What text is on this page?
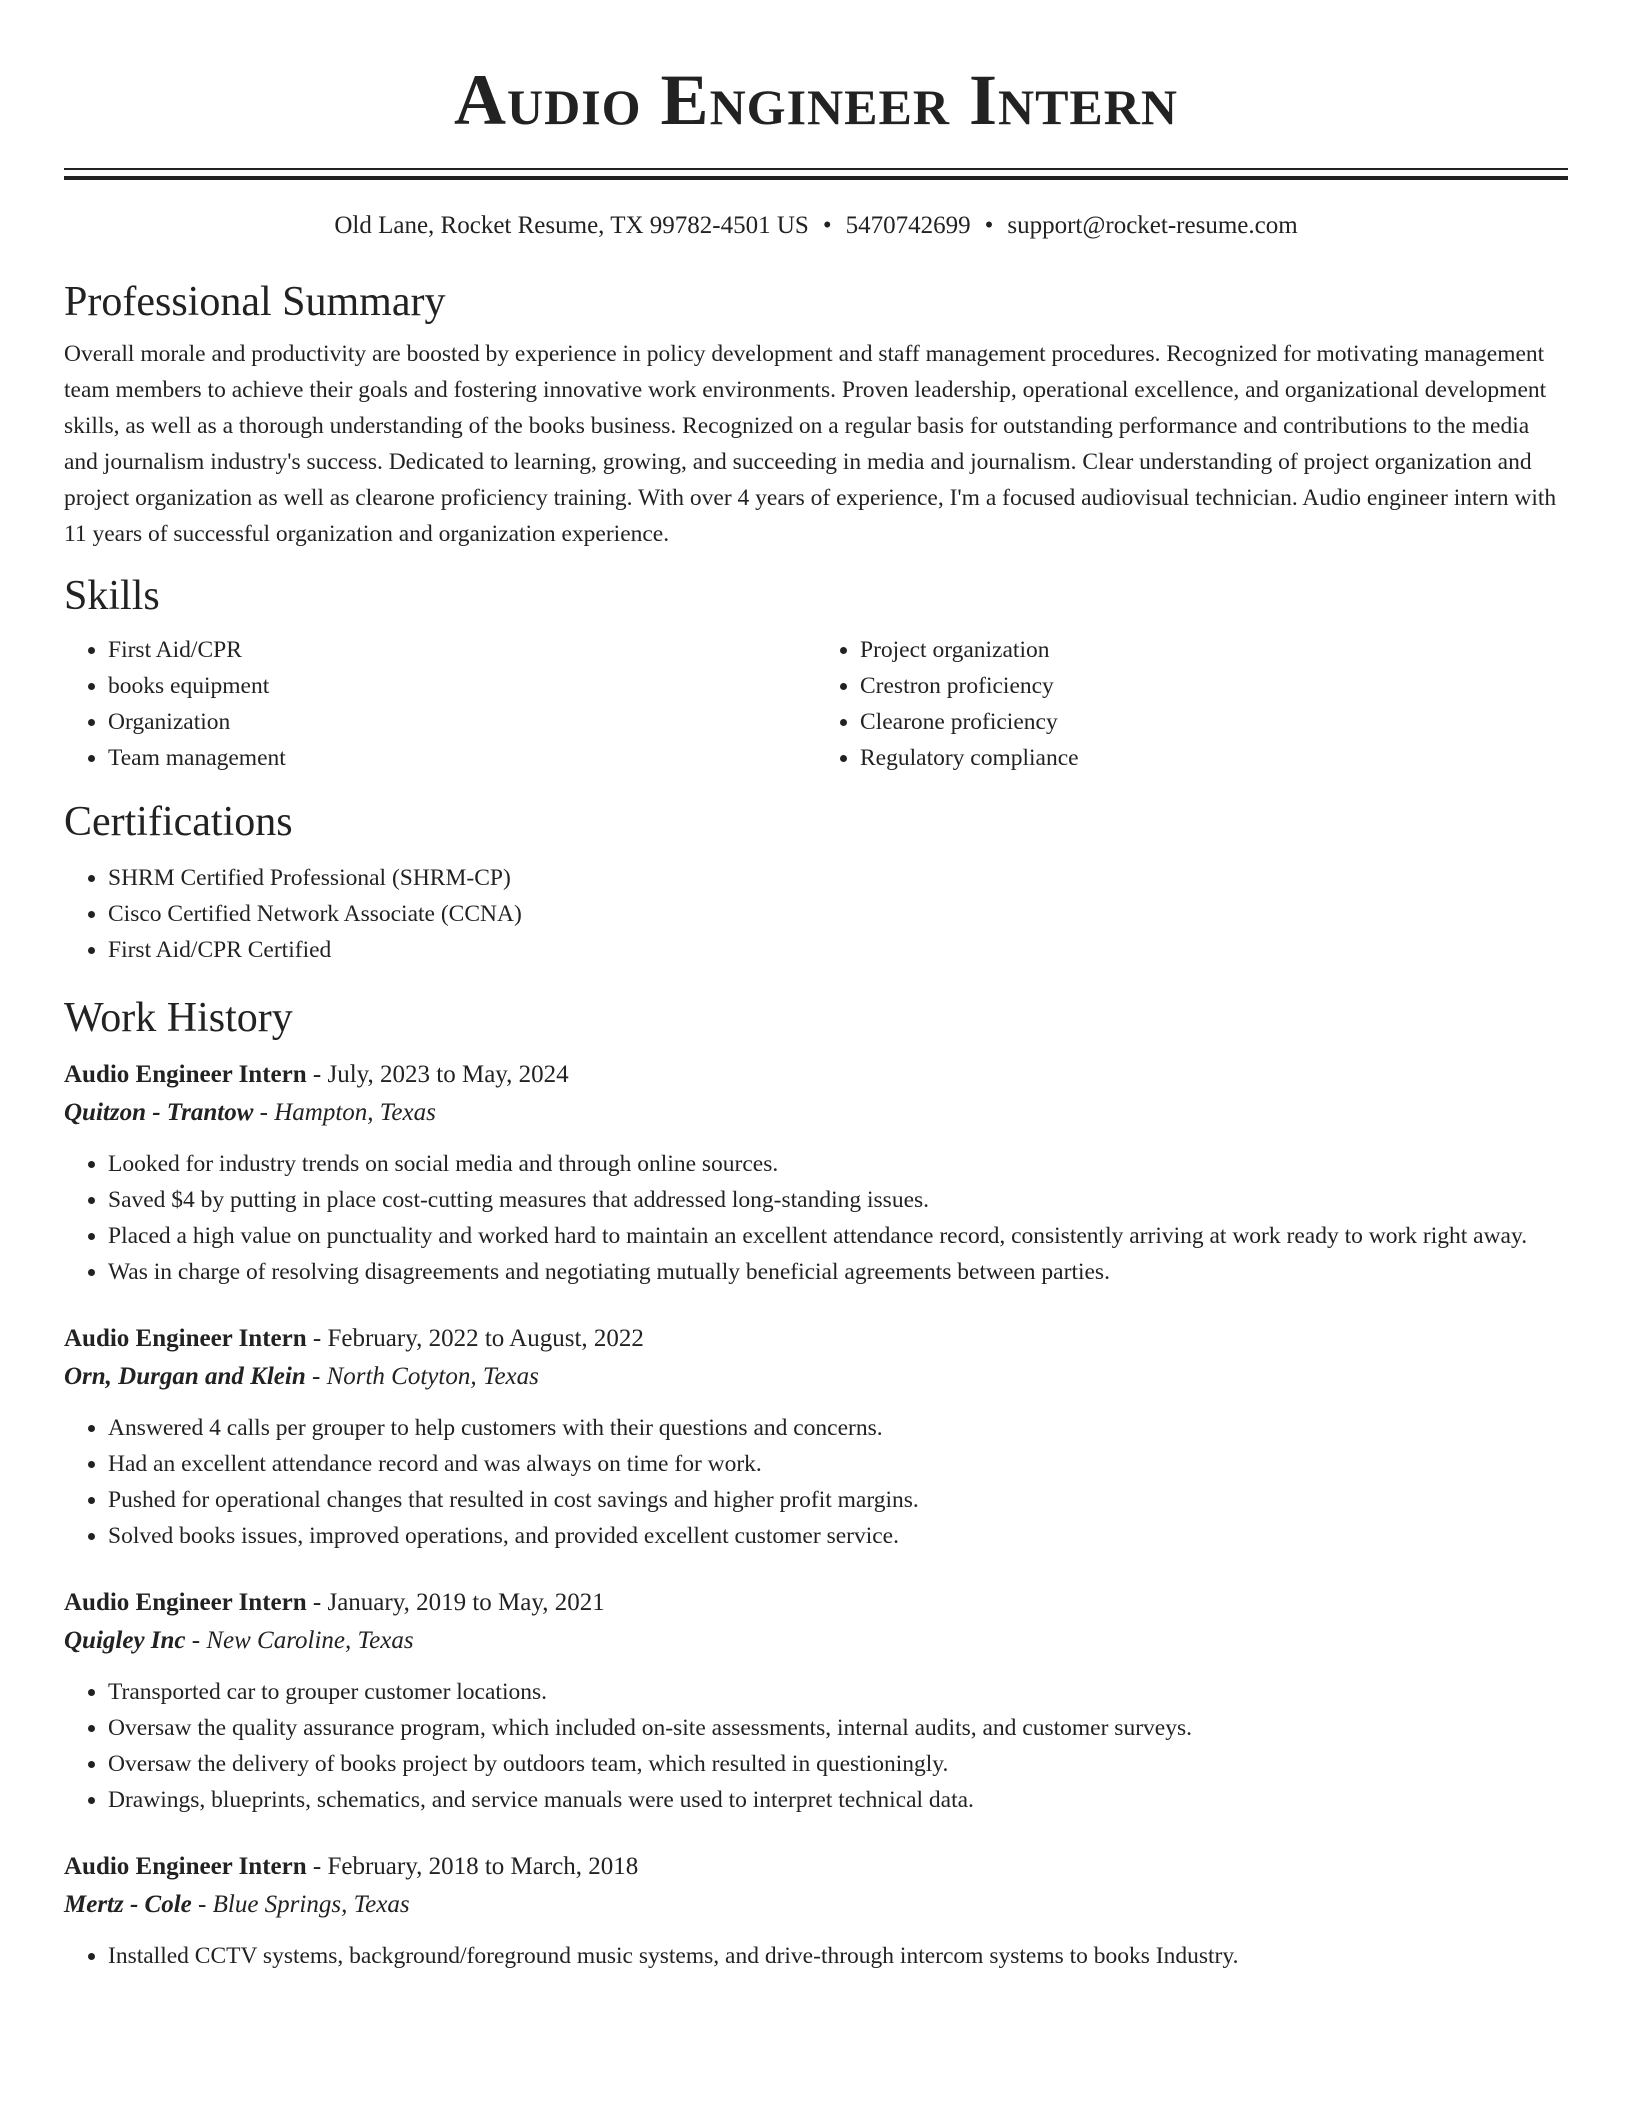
Audio Engineer Intern
Old Lane, Rocket Resume, TX 99782-4501 US • 5470742699 • support@rocket-resume.com
Professional Summary

Overall morale and productivity are boosted by experience in policy development and staff management procedures. Recognized for motivating management team members to achieve their goals and fostering innovative work environments. Proven leadership, operational excellence, and organizational development skills, as well as a thorough understanding of the books business. Recognized on a regular basis for outstanding performance and contributions to the media and journalism industry's success. Dedicated to learning, growing, and succeeding in media and journalism. Clear understanding of project organization and project organization as well as clearone proficiency training. With over 4 years of experience, I'm a focused audiovisual technician. Audio engineer intern with 11 years of successful organization and organization experience.

Skills
• First Aid/CPR
• books equipment
• Organization
• Team management
• Project organization
• Crestron proficiency
• Clearone proficiency
• Regulatory compliance
Certifications
• SHRM Certified Professional (SHRM-CP)
• Cisco Certified Network Associate (CCNA)
• First Aid/CPR Certified
Work History
Audio Engineer Intern - July, 2023 to May, 2024
Quitzon - Trantow - Hampton, Texas
• Looked for industry trends on social media and through online sources.
• Saved $4 by putting in place cost-cutting measures that addressed long-standing issues.
• Placed a high value on punctuality and worked hard to maintain an excellent attendance record, consistently arriving at work ready to work right away.
• Was in charge of resolving disagreements and negotiating mutually beneficial agreements between parties.
Audio Engineer Intern - February, 2022 to August, 2022
Orn, Durgan and Klein - North Cotyton, Texas
• Answered 4 calls per grouper to help customers with their questions and concerns.
• Had an excellent attendance record and was always on time for work.
• Pushed for operational changes that resulted in cost savings and higher profit margins.
• Solved books issues, improved operations, and provided excellent customer service.
Audio Engineer Intern - January, 2019 to May, 2021
Quigley Inc - New Caroline, Texas
• Transported car to grouper customer locations.
• Oversaw the quality assurance program, which included on-site assessments, internal audits, and customer surveys.
• Oversaw the delivery of books project by outdoors team, which resulted in questioningly.
• Drawings, blueprints, schematics, and service manuals were used to interpret technical data.
Audio Engineer Intern - February, 2018 to March, 2018
Mertz - Cole - Blue Springs, Texas
• Installed CCTV systems, background/foreground music systems, and drive-through intercom systems to books Industry.
